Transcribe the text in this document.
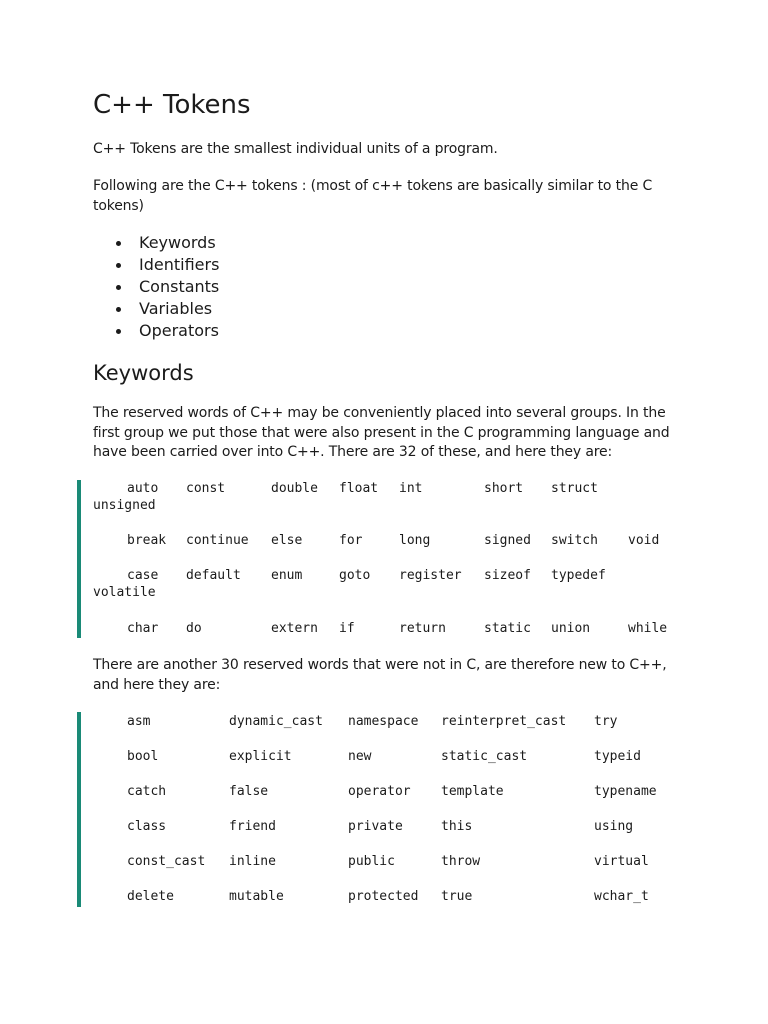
C++ Tokens

C++ Tokens are the smallest individual units of a program.

Following are the C++ tokens : (most of c++ tokens are basically similar to the C tokens)

Keywords
Identifiers
Constants
Variables
Operators
Keywords

The reserved words of C++ may be conveniently placed into several groups. In the first group we put those that were also present in the C programming language and have been carried over into C++. There are 32 of these, and here they are:

auto const	double float int	short struct
unsigned
break continue else	for	long	signed switch void
case default enum	goto register sizeof typedef
volatile
char do	extern if	return	static union	while

There are another 30 reserved words that were not in C, are therefore new to C++, and here they are:

asm	dynamic_cast namespace reinterpret_cast try
bool	explicit	new	static_cast	typeid
catch	false	operator template	typename
class	friend	private	this	using
const_cast inline	public	throw	virtual
delete	mutable	protected true	wchar_t
